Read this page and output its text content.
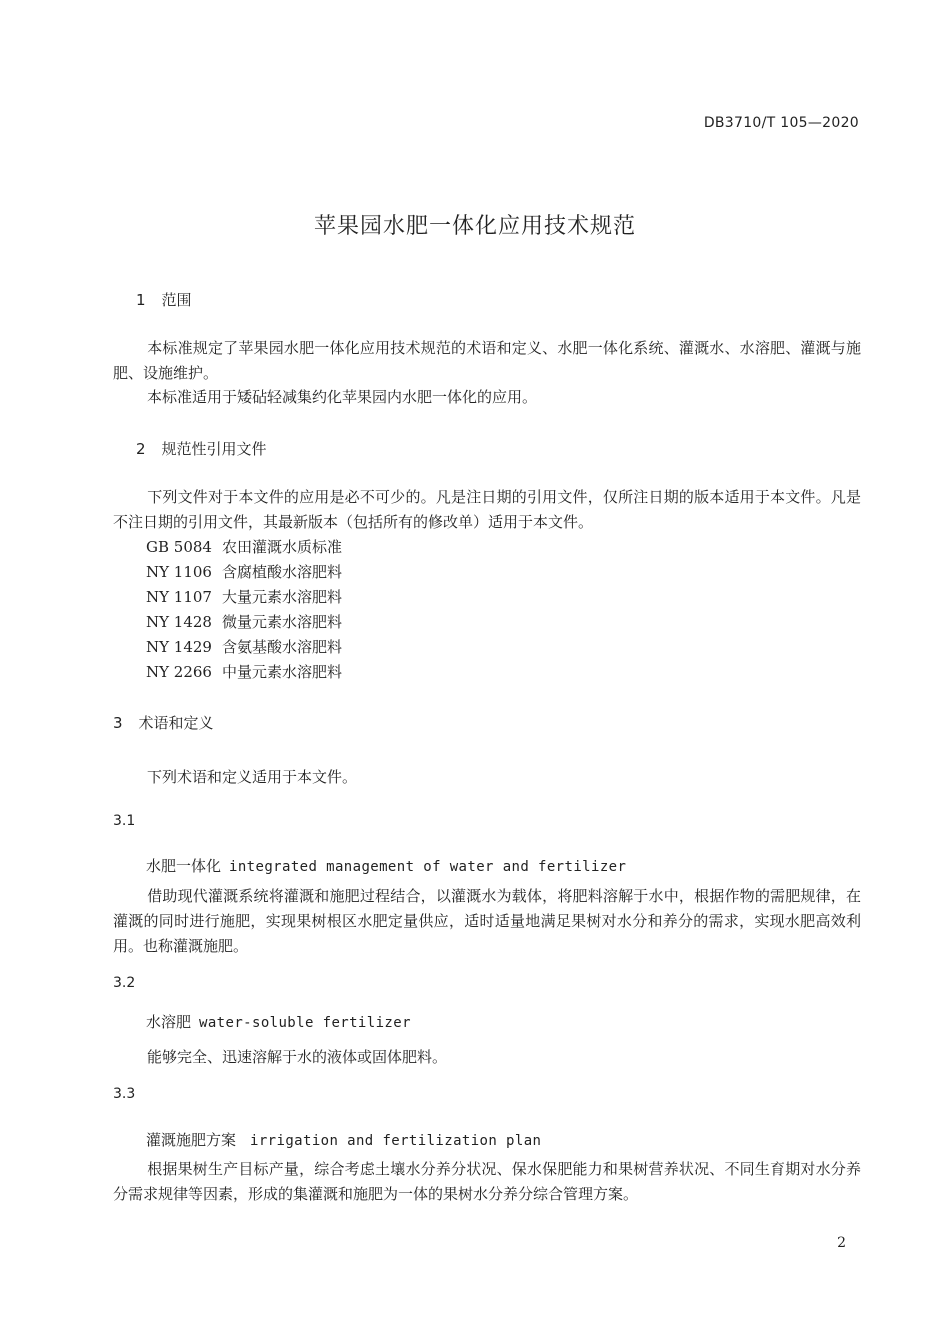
DB3710/T 105—2020
苹果园水肥一体化应用技术规范
1 范围
本标准规定了苹果园水肥一体化应用技术规范的术语和定义、水肥一体化系统、灌溉水、水溶肥、灌溉与施肥、设施维护。
本标准适用于矮砧轻减集约化苹果园内水肥一体化的应用。
2 规范性引用文件
下列文件对于本文件的应用是必不可少的。凡是注日期的引用文件，仅所注日期的版本适用于本文件。凡是不注日期的引用文件，其最新版本（包括所有的修改单）适用于本文件。
GB 5084 农田灌溉水质标准
NY 1106 含腐植酸水溶肥料
NY 1107 大量元素水溶肥料
NY 1428 微量元素水溶肥料
NY 1429 含氨基酸水溶肥料
NY 2266 中量元素水溶肥料
3 术语和定义
下列术语和定义适用于本文件。
3.1
水肥一体化 integrated management of water and fertilizer
借助现代灌溉系统将灌溉和施肥过程结合，以灌溉水为载体，将肥料溶解于水中，根据作物的需肥规律，在灌溉的同时进行施肥，实现果树根区水肥定量供应，适时适量地满足果树对水分和养分的需求，实现水肥高效利用。也称灌溉施肥。
3.2
水溶肥 water-soluble fertilizer
能够完全、迅速溶解于水的液体或固体肥料。
3.3
灌溉施肥方案 irrigation and fertilization plan
根据果树生产目标产量，综合考虑土壤水分养分状况、保水保肥能力和果树营养状况、不同生育期对水分养分需求规律等因素，形成的集灌溉和施肥为一体的果树水分养分综合管理方案。
2
